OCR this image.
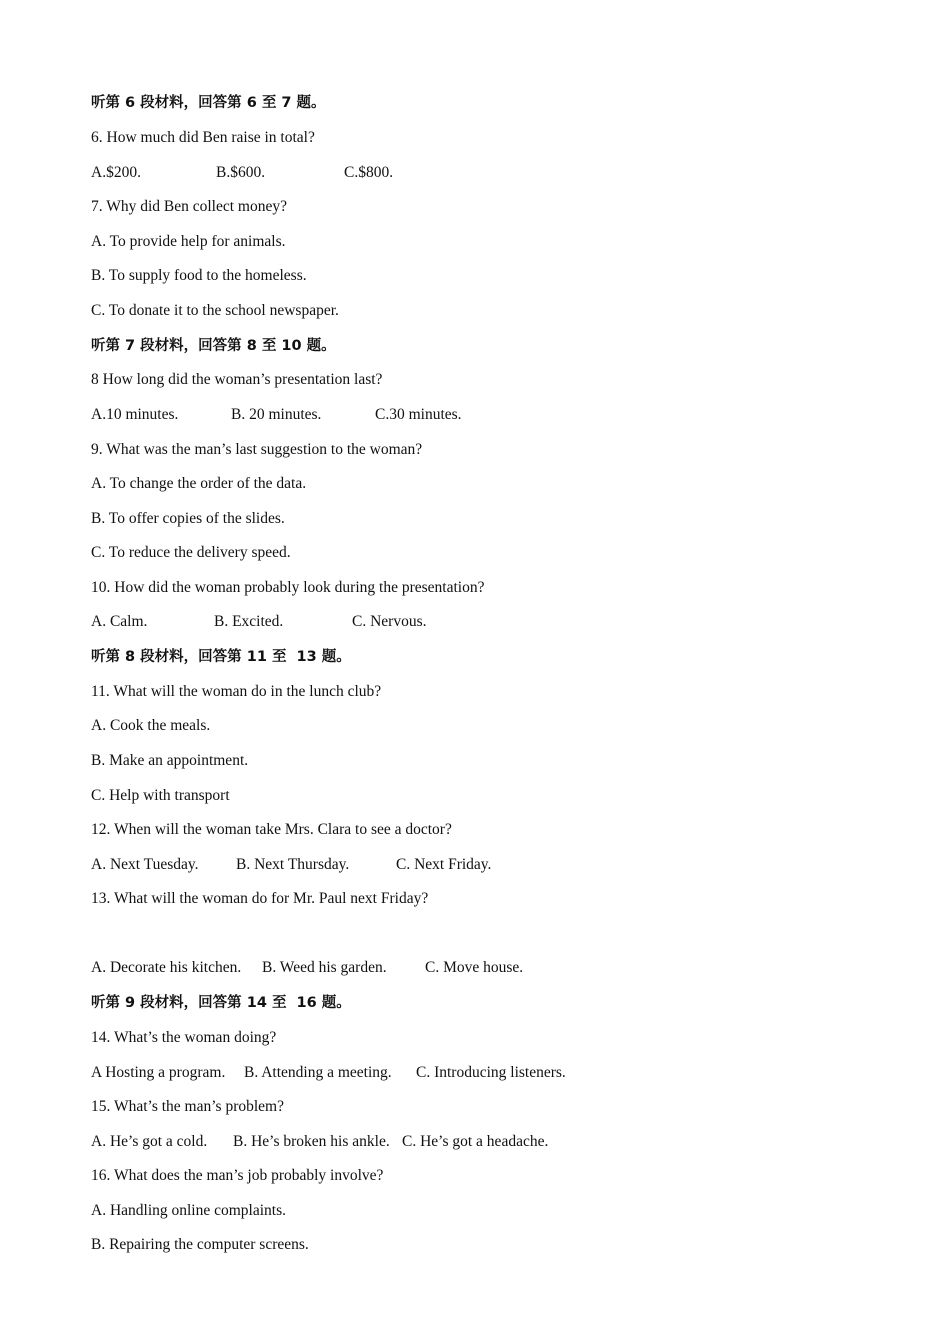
听第 6 段材料，回答第 6 至 7 题。
6. How much did Ben raise in total?
A.$200.	B.$600.	C.$800.
7. Why did Ben collect money?
A. To provide help for animals.
B. To supply food to the homeless.
C. To donate it to the school newspaper.
听第 7 段材料，回答第 8 至 10 题。
8 How long did the woman’s presentation last?
A.10 minutes.	B. 20 minutes.	C.30 minutes.
9. What was the man’s last suggestion to the woman?
A. To change the order of the data.
B. To offer copies of the slides.
C. To reduce the delivery speed.
10. How did the woman probably look during the presentation?
A. Calm.	B. Excited.	C. Nervous.
听第 8 段材料，回答第 11 至  13 题。
11. What will the woman do in the lunch club?
A. Cook the meals.
B. Make an appointment.
C. Help with transport
12. When will the woman take Mrs. Clara to see a doctor?
A. Next Tuesday. B. Next Thursday.	C. Next Friday.
13. What will the woman do for Mr. Paul next Friday?
A. Decorate his kitchen. B. Weed his garden. C. Move house.
听第 9 段材料，回答第 14 至  16 题。
14. What’s the woman doing?
A Hosting a program. B. Attending a meeting. C. Introducing listeners.
15. What’s the man’s problem?
A. He’s got a cold. B. He’s broken his ankle. C. He’s got a headache.
16. What does the man’s job probably involve?
A. Handling online complaints.
B. Repairing the computer screens.
